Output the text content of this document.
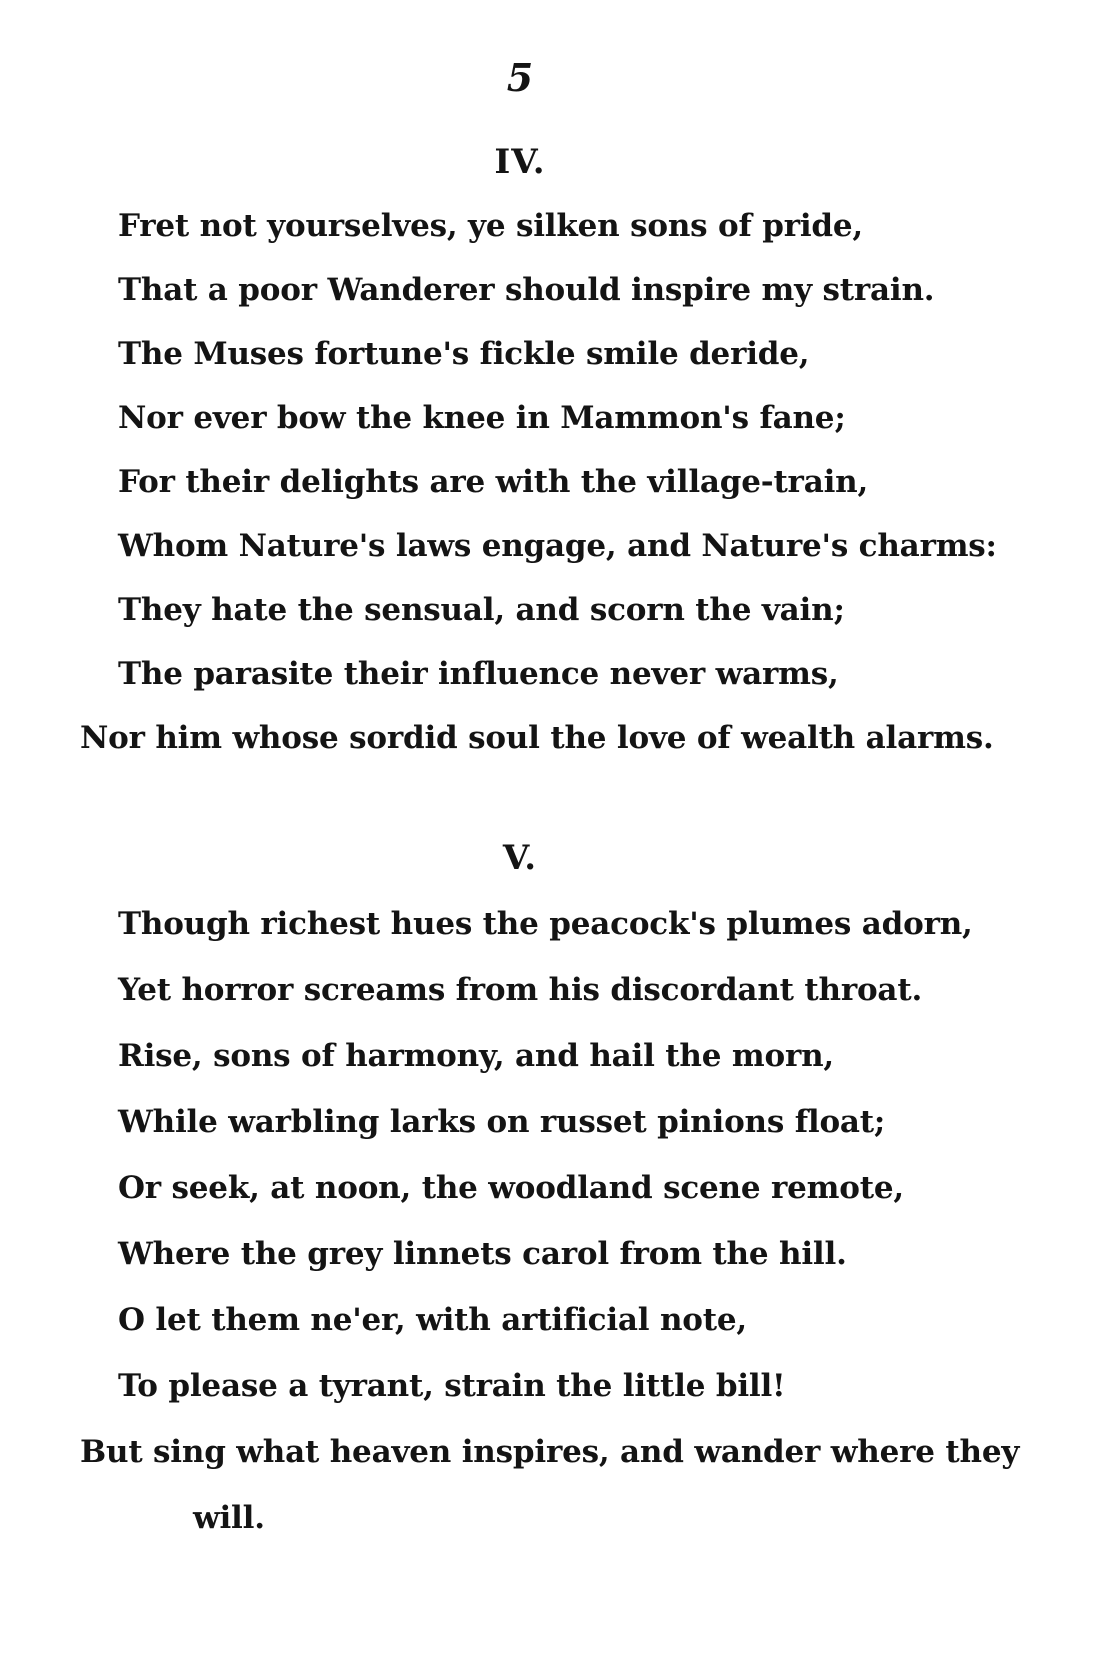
5
IV.
Fret not yourselves, ye silken sons of pride,
That a poor Wanderer should inspire my strain.
The Muses fortune's fickle smile deride,
Nor ever bow the knee in Mammon's fane;
For their delights are with the village-train,
Whom Nature's laws engage, and Nature's charms:
They hate the sensual, and scorn the vain;
The parasite their influence never warms,
Nor him whose sordid soul the love of wealth alarms.
V.
Though richest hues the peacock's plumes adorn,
Yet horror screams from his discordant throat.
Rise, sons of harmony, and hail the morn,
While warbling larks on russet pinions float;
Or seek, at noon, the woodland scene remote,
Where the grey linnets carol from the hill.
O let them ne'er, with artificial note,
To please a tyrant, strain the little bill!
But sing what heaven inspires, and wander where they
will.
